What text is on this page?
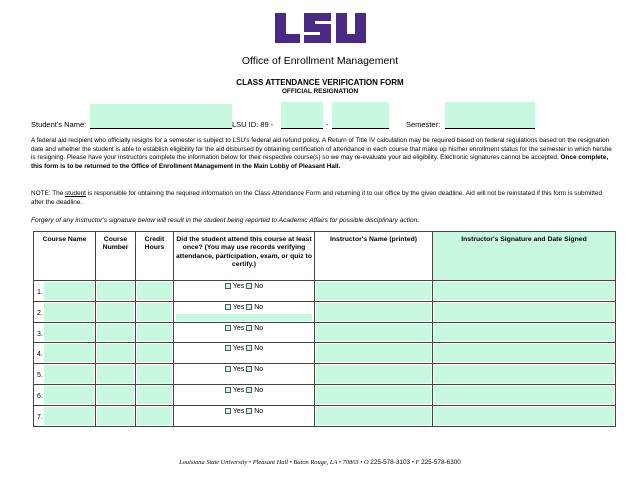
Office of Enrollment Management
CLASS ATTENDANCE VERIFICATION FORM
OFFICIAL RESIGNATION
Student's Name:	LSU ID: 89 -	-	Semester:
A federal aid recipient who officially resigns for a semester is subject to LSU's federal aid refund policy. A Return of Title IV calculation may be required based on federal regulations based on the resignation date and whether the student is able to establish eligibility for the aid disbursed by obtaining certification of attendance in each course that make up his/her enrollment status for the semester in which he/she is resigning. Please have your instructors complete the information below for their respective course(s) so we may re-evaluate your aid eligibility. Electronic signatures cannot be accepted. Once complete, this form is to be returned to the Office of Enrollment Management in the Main Lobby of Pleasant Hall.
NOTE: The student is responsible for obtaining the required information on the Class Attendance Form and returning it to our office by the given deadline. Aid will not be reinstated if this form is submitted after the deadline.
Forgery of any instructor's signature below will result in the student being reported to Academic Affairs for possible disciplinary action.
Course Name	Course Number	Credit Hours	Did the student attend this course at least once? (You may use records verifying attendance, participation, exam, or quiz to certify.)	Instructor's Name (printed)	Instructor's Signature and Date Signed

1.			Yes No		

2.			Yes No		

3.			Yes No		

4.			Yes No		

5.			Yes No		

6.			Yes No		

7.			Yes No		

Louisiana State University • Pleasant Hall • Baton Rouge, LA • 70803 • O 225-578-3103 • F 225-578-6300
